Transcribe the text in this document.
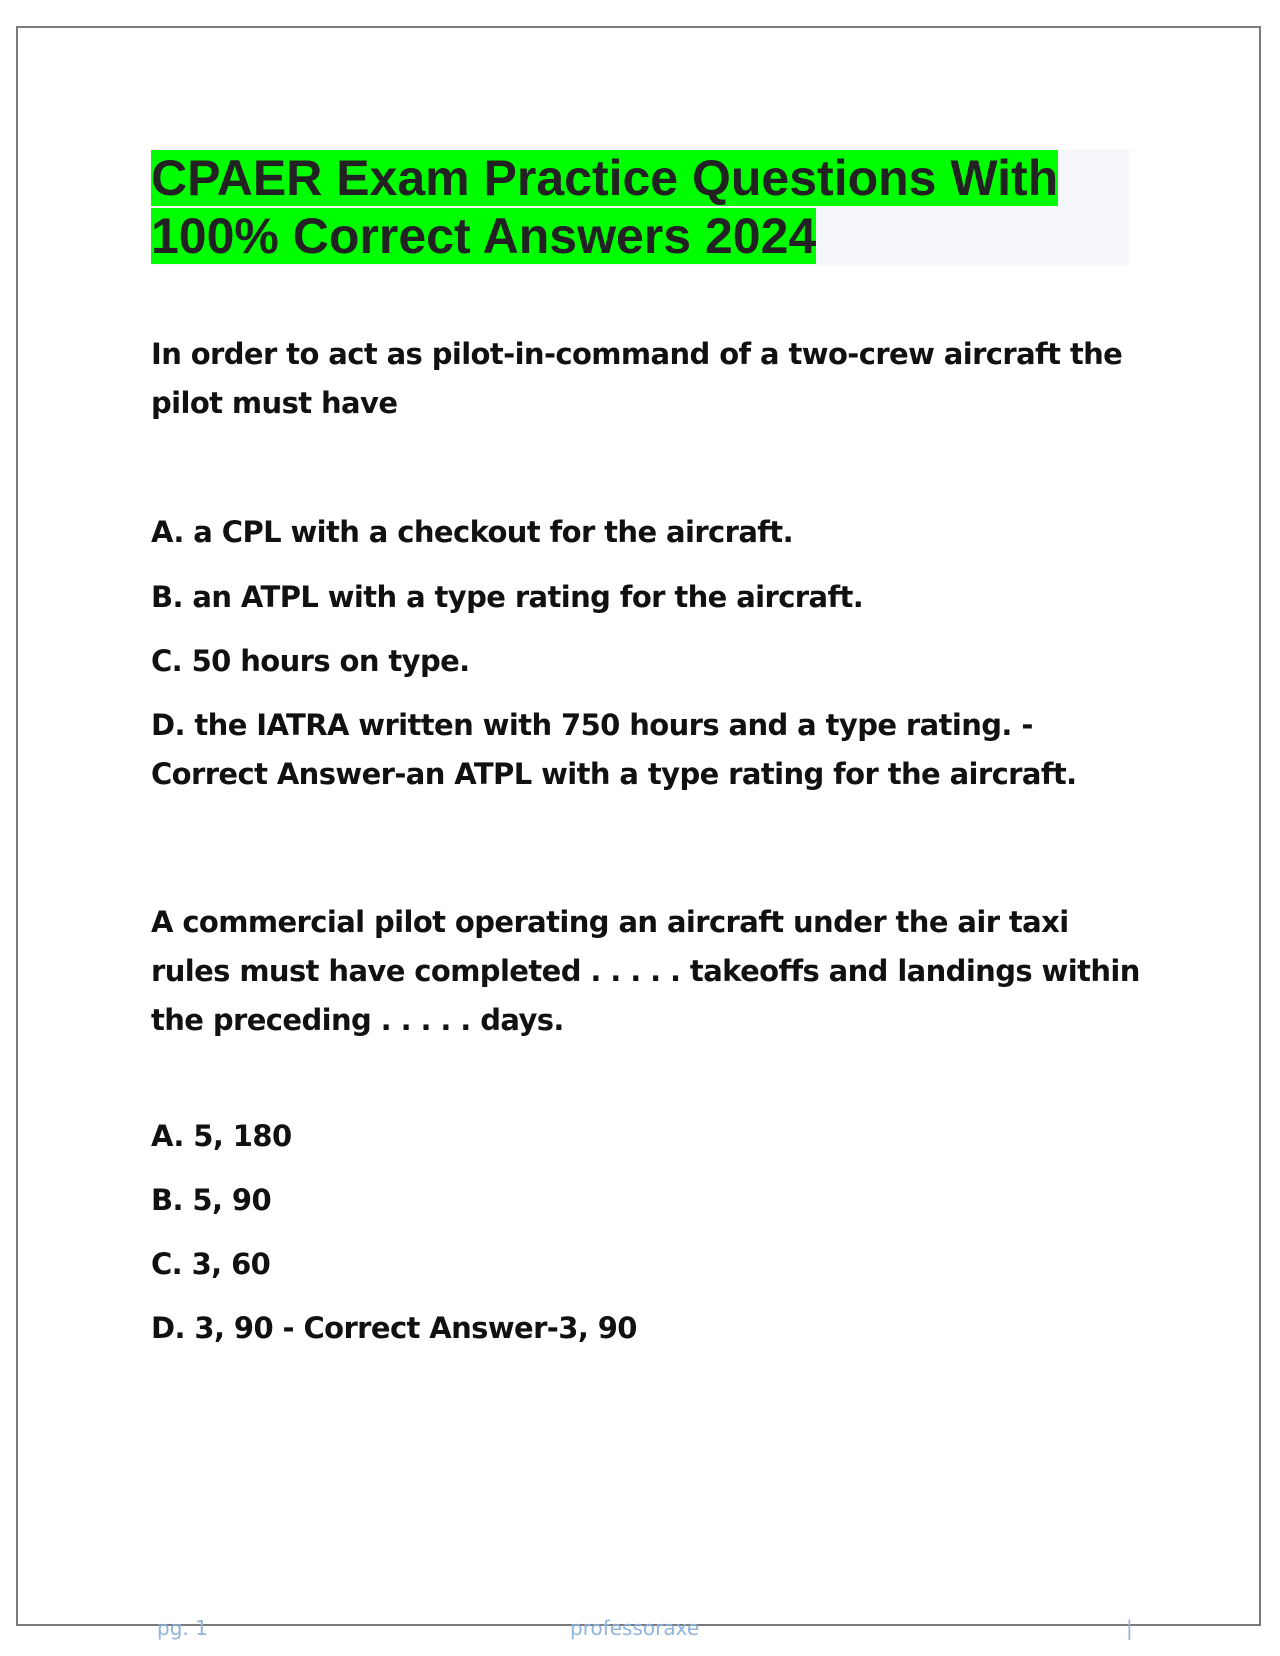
CPAER Exam Practice Questions With
100% Correct Answers 2024

In order to act as pilot-in-command of a two-crew aircraft the pilot must have

A. a CPL with a checkout for the aircraft.

B. an ATPL with a type rating for the aircraft.

C. 50 hours on type.

D. the IATRA written with 750 hours and a type rating. - Correct Answer-an ATPL with a type rating for the aircraft.

A commercial pilot operating an aircraft under the air taxi rules must have completed . . . . . takeoffs and landings within the preceding . . . . . days.

A. 5, 180

B. 5, 90

C. 3, 60

D. 3, 90 - Correct Answer-3, 90

pg. 1	professoraxe	|
